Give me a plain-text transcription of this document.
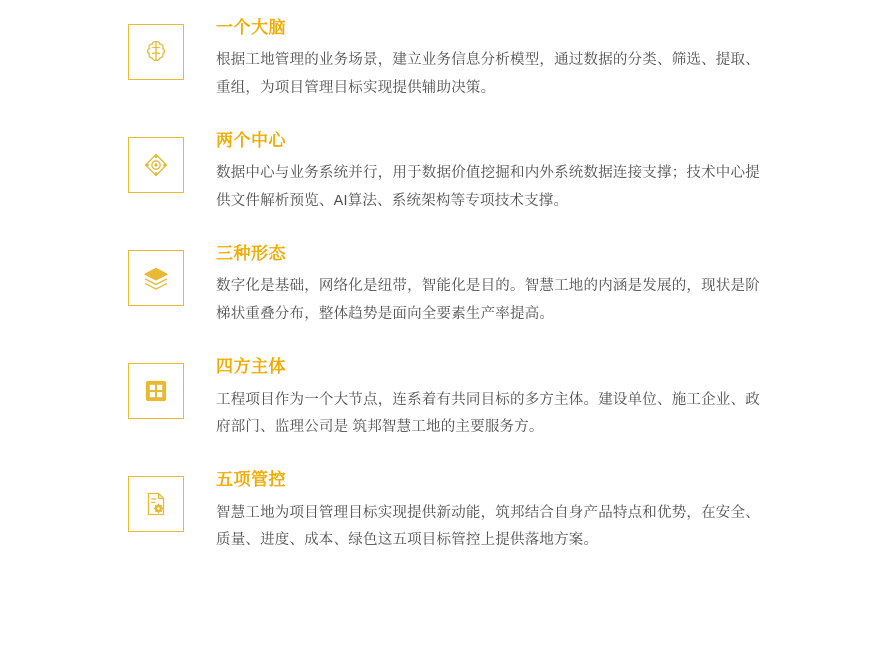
一个大脑

根据工地管理的业务场景，建立业务信息分析模型，通过数据的分类、筛选、提取、重组，为项目管理目标实现提供辅助决策。

两个中心

数据中心与业务系统并行，用于数据价值挖掘和内外系统数据连接支撑；技术中心提供文件解析预览、AI算法、系统架构等专项技术支撑。

三种形态

数字化是基础，网络化是纽带，智能化是目的。智慧工地的内涵是发展的，现状是阶梯状重叠分布，整体趋势是面向全要素生产率提高。

四方主体

工程项目作为一个大节点，连系着有共同目标的多方主体。建设单位、施工企业、政府部门、监理公司是 筑邦智慧工地的主要服务方。

五项管控

智慧工地为项目管理目标实现提供新动能，筑邦结合自身产品特点和优势，在安全、质量、进度、成本、绿色这五项目标管控上提供落地方案。
